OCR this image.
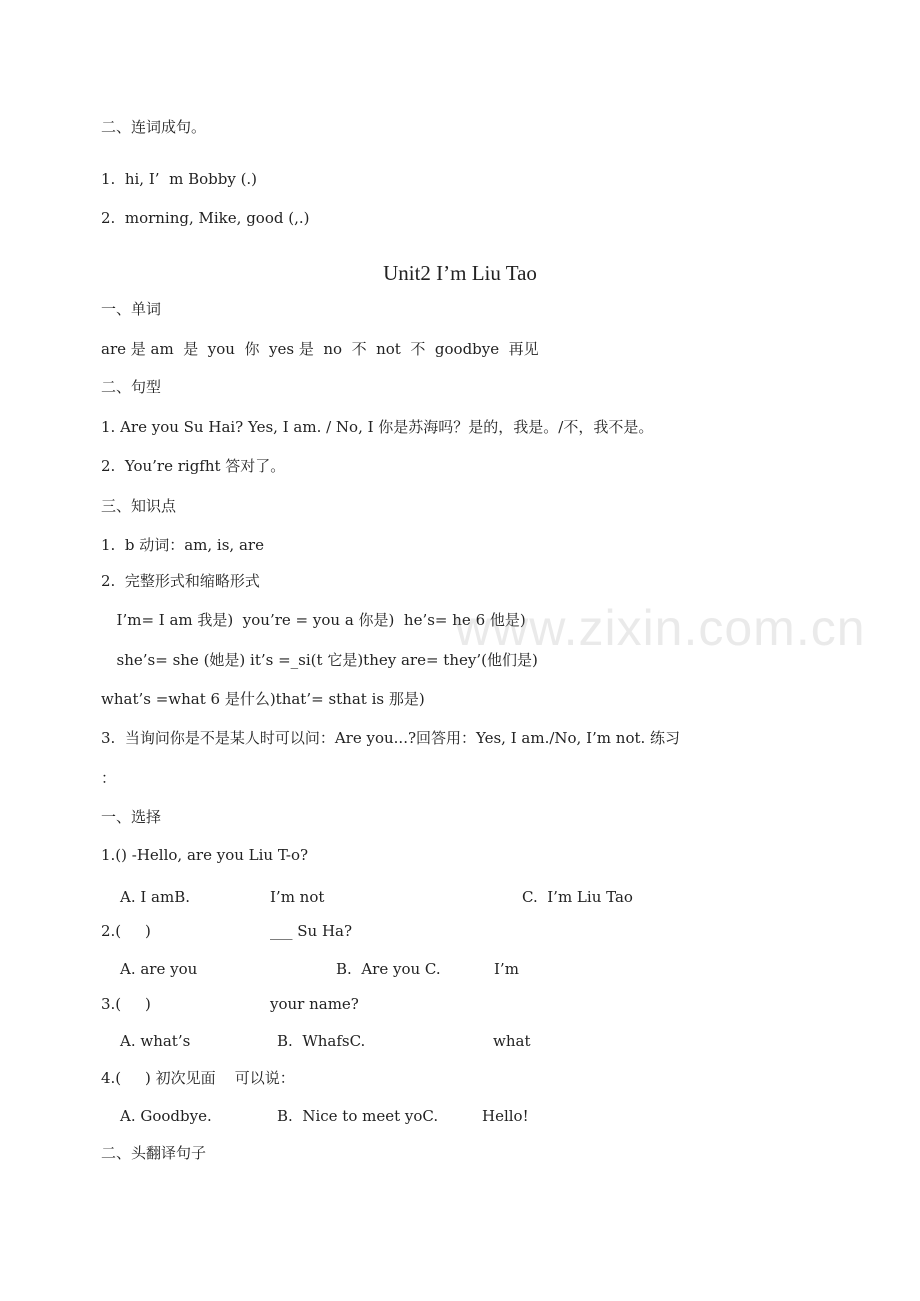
二、连词成句。
1.  hi, I’  m Bobby (.)
2.  morning, Mike, good (,.)
Unit2 I’m Liu Tao
一、单词
are 是 am  是  you  你  yes 是  no  不  not  不  goodbye  再见
二、句型
1. Are you Su Hai? Yes, I am. / No, I 你是苏海吗？是的，我是。/不，我不是。
2.  You’re rigfht 答对了。
三、知识点
1.  b 动词：am, is, are
2.  完整形式和缩略形式
I’m= I am 我是)  you’re = you a 你是)  he’s= he 6 他是)
she’s= she (她是) it’s =_si(t 它是)they are= they’(他们是)
what’s =what 6 是什么)that’= sthat is 那是)
3.  当询问你是不是某人时可以问：Are you...?回答用：Yes, I am./No, I’m not. 练习
：
www.zixin.com.cn
一、选择
1.() -Hello, are you Liu T-o?
A. I amB.	I’m not	C.  I’m Liu Tao
2.(     )	___ Su Ha?
A. are you	B.  Are you C.	I’m
3.(     )	your name?
A. what’s	B.  WhafsC.	what
4.(     ) 初次见面    可以说：
A. Goodbye.	B.  Nice to meet yoC.	Hello!
二、头翻译句子
